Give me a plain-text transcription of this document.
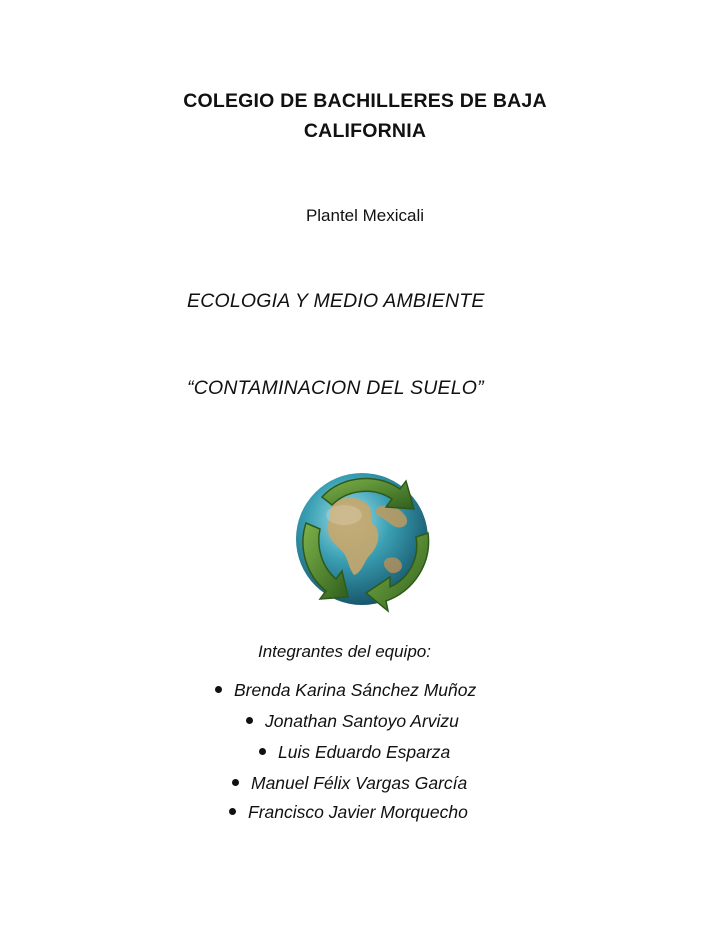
COLEGIO DE BACHILLERES DE BAJA
CALIFORNIA
Plantel Mexicali
ECOLOGIA Y MEDIO AMBIENTE
“CONTAMINACION DEL SUELO”
Integrantes del equipo:
Brenda Karina Sánchez Muñoz
Jonathan Santoyo Arvizu
Luis Eduardo Esparza
Manuel Félix Vargas García
Francisco Javier Morquecho
